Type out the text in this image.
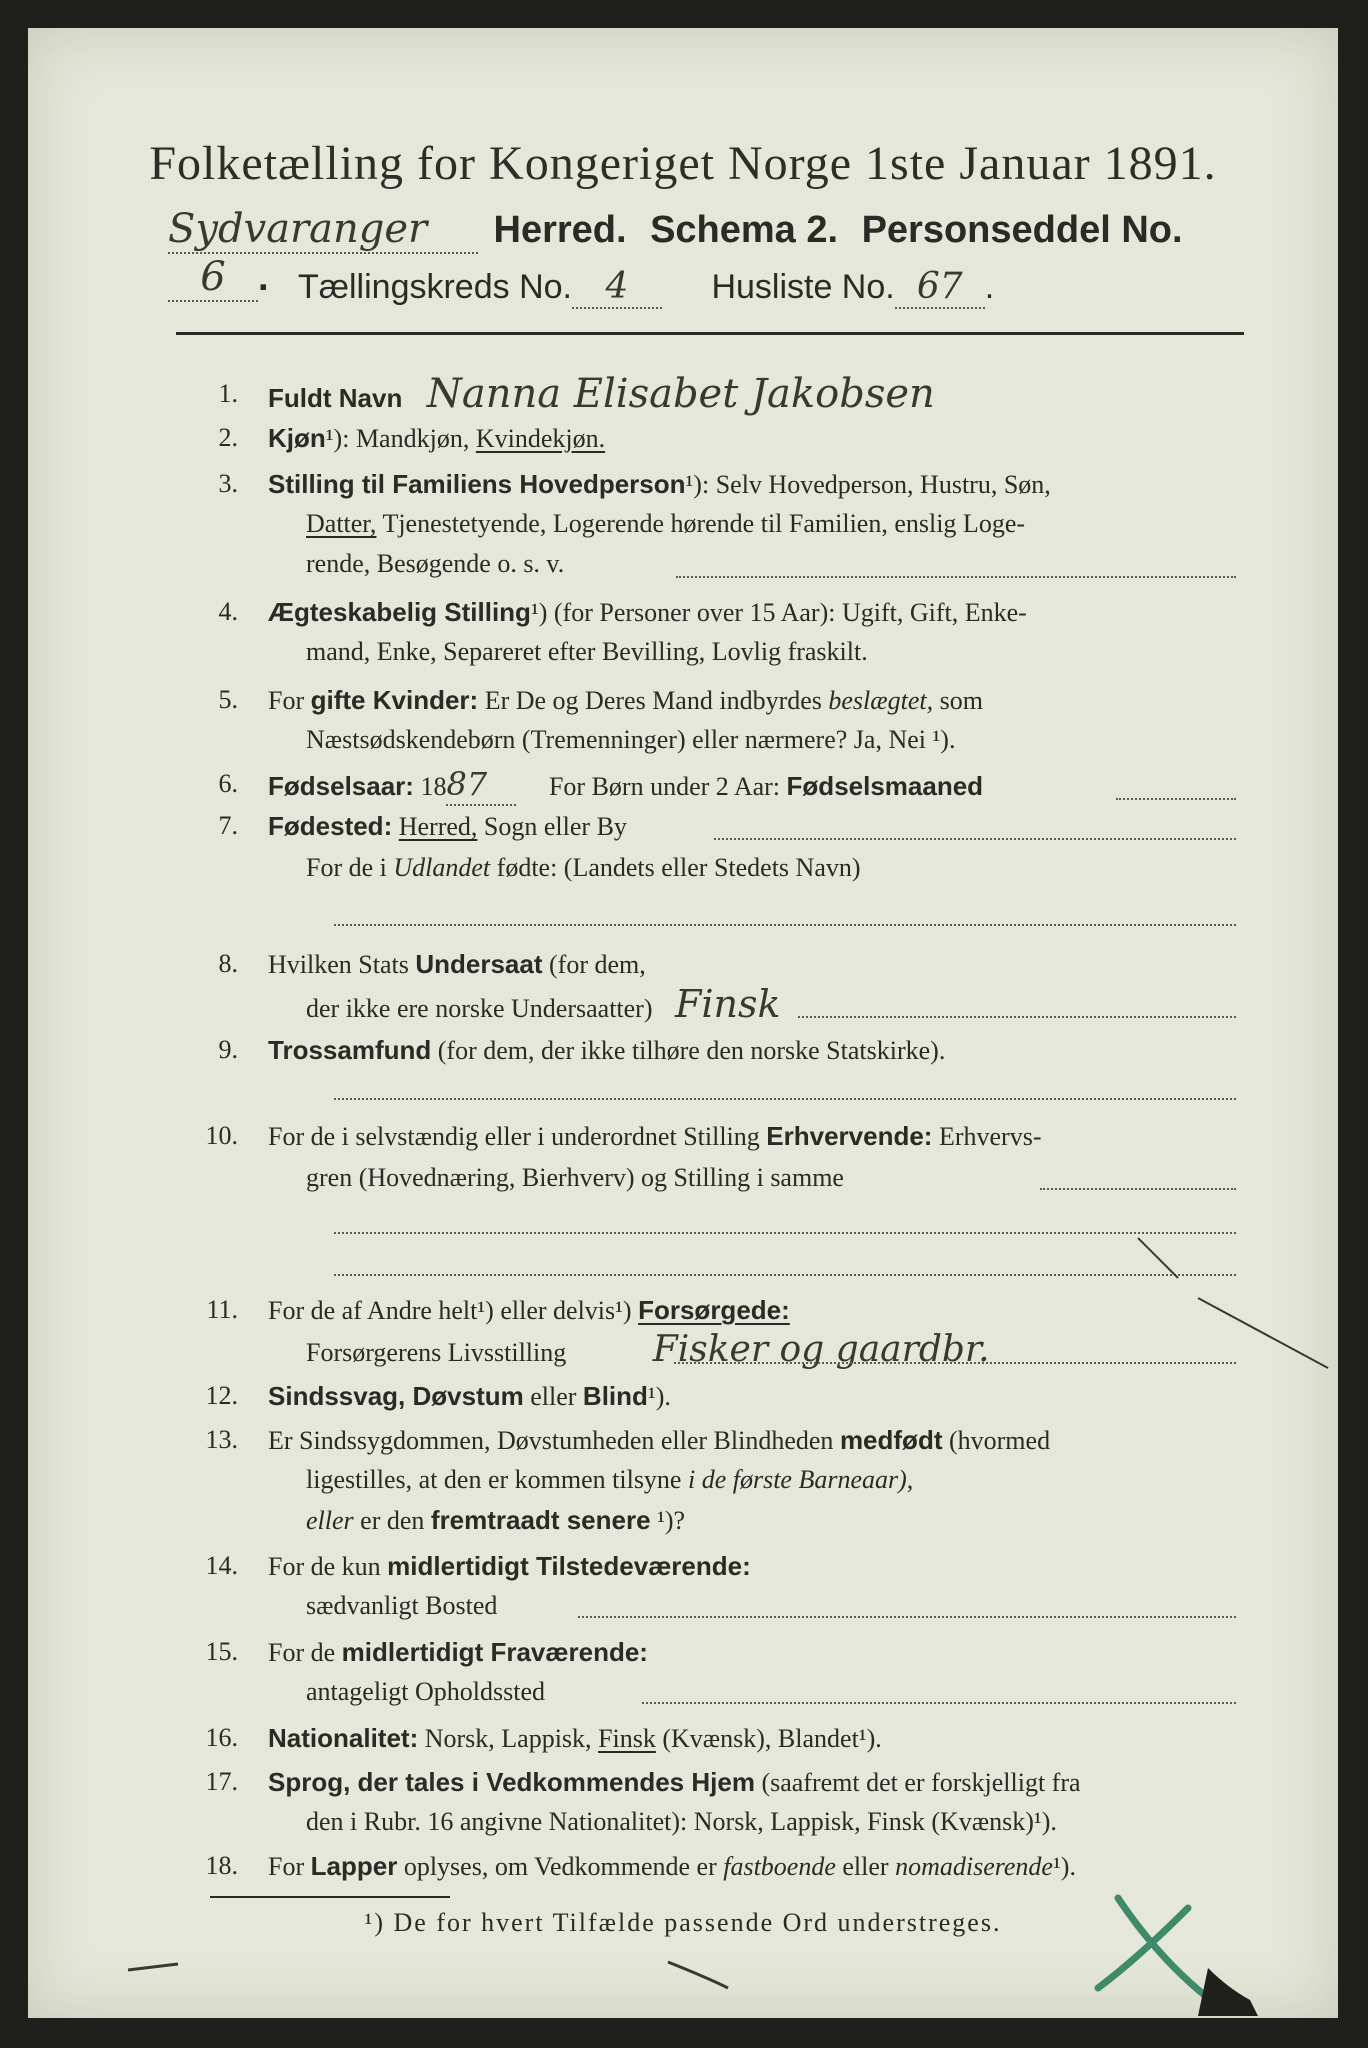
Folketælling for Kongeriget Norge 1ste Januar 1891.
Sydvaranger Herred. Schema 2. Personseddel No.6 . Tællingskreds No. 4 Husliste No. 67 .
1. Fuldt Navn Nanna Elisabet Jakobsen
2. Kjøn¹): Mandkjøn, Kvindekjøn.
3. Stilling til Familiens Hovedperson¹): Selv Hovedperson, Hustru, Søn,
Datter, Tjenestetyende, Logerende hørende til Familien, enslig Loge-
rende, Besøgende o. s. v.
4. Ægteskabelig Stilling¹) (for Personer over 15 Aar): Ugift, Gift, Enke-
mand, Enke, Separeret efter Bevilling, Lovlig fraskilt.
5. For gifte Kvinder: Er De og Deres Mand indbyrdes beslægtet, som
Næstsødskendebørn (Tremenninger) eller nærmere? Ja, Nei ¹).
6. Fødselsaar: 1887 For Børn under 2 Aar: Fødselsmaaned
7. Fødested: Herred, Sogn eller By
For de i Udlandet fødte: (Landets eller Stedets Navn)
8. Hvilken Stats Undersaat (for dem,
der ikke ere norske Undersaatter) Finsk
9. Trossamfund (for dem, der ikke tilhøre den norske Statskirke).
10. For de i selvstændig eller i underordnet Stilling Erhvervende: Erhvervs-
gren (Hovednæring, Bierhverv) og Stilling i samme
11. For de af Andre helt¹) eller delvis¹) Forsørgede:
Forsørgerens Livsstilling Fisker og gaardbr.
12. Sindssvag, Døvstum eller Blind¹).
13. Er Sindssygdommen, Døvstumheden eller Blindheden medfødt (hvormed
ligestilles, at den er kommen tilsyne i de første Barneaar),
eller er den fremtraadt senere ¹)?
14. For de kun midlertidigt Tilstedeværende:
sædvanligt Bosted
15. For de midlertidigt Fraværende:
antageligt Opholdssted
16. Nationalitet: Norsk, Lappisk, Finsk (Kvænsk), Blandet¹).
17. Sprog, der tales i Vedkommendes Hjem (saafremt det er forskjelligt fra
den i Rubr. 16 angivne Nationalitet): Norsk, Lappisk, Finsk (Kvænsk)¹).
18. For Lapper oplyses, om Vedkommende er fastboende eller nomadiserende¹).
¹) De for hvert Tilfælde passende Ord understreges.
